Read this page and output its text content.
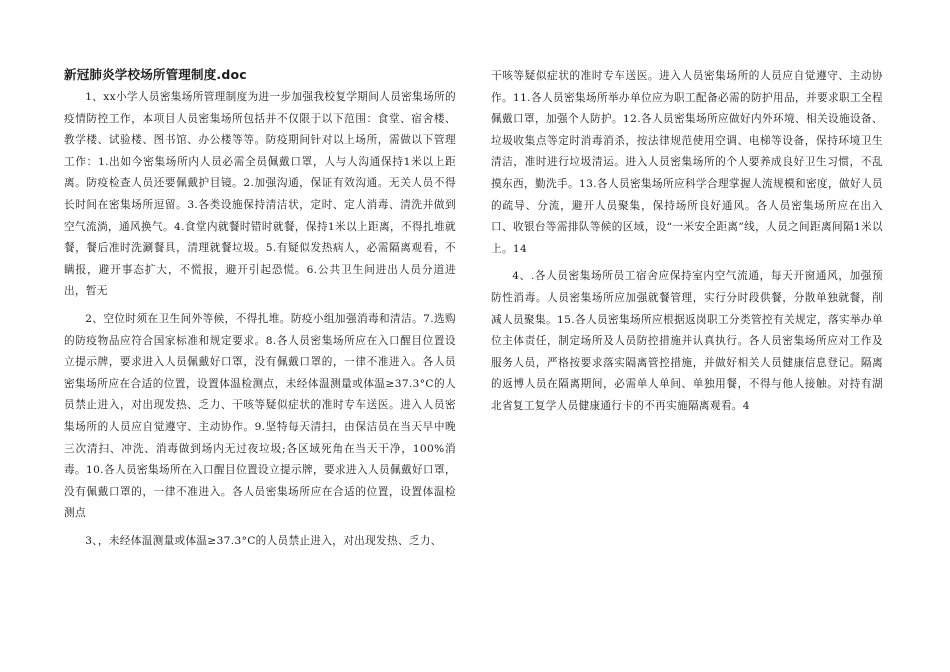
新冠肺炎学校场所管理制度.doc

1、xx小学人员密集场所管理制度为进一步加强我校复学期间人员密集场所的疫情防控工作，本项目人员密集场所包括并不仅限于以下范围：食堂、宿舍楼、教学楼、试验楼、图书馆、办公楼等等。防疫期间针对以上场所，需做以下管理工作：1.出如今密集场所内人员必需全员佩戴口罩，人与人沟通保持1米以上距离。防疫检查人员还要佩戴护目镜。2.加强沟通，保证有效沟通。无关人员不得长时间在密集场所逗留。3.各类设施保持清洁状，定时、定人消毒、清洗并做到空气流淌，通风换气。4.食堂内就餐时错时就餐，保持1米以上距离，不得扎堆就餐，餐后准时洗涮餐具，清理就餐垃圾。5.有疑似发热病人，必需隔离观看，不瞒报，避开事态扩大，不慌报，避开引起恐慌。6.公共卫生间进出人员分道进出，暂无

2、空位时须在卫生间外等候，不得扎堆。防疫小组加强消毒和清洁。7.选购的防疫物品应符合国家标准和规定要求。8.各人员密集场所应在入口醒目位置设立提示牌，要求进入人员佩戴好口罩，没有佩戴口罩的，一律不准进入。各人员密集场所应在合适的位置，设置体温检测点，未经体温测量或体温≥37.3°C的人员禁止进入，对出现发热、乏力、干咳等疑似症状的准时专车送医。进入人员密集场所的人员应自觉遵守、主动协作。9.坚特每天清扫，由保洁员在当天早中晚三次清扫、冲洗、消毒做到场内无过夜垃圾;各区域死角在当天干净，100%消毒。10.各人员密集场所在入口醒目位置设立提示牌，要求进入人员佩戴好口罩，没有佩戴口罩的，一律不准进入。各人员密集场所应在合适的位置，设置体温检测点

3、，未经体温测量或体温≥37.3°C的人员禁止进入，对出现发热、乏力、

干咳等疑似症状的准时专车送医。进入人员密集场所的人员应自觉遵守、主动协作。11.各人员密集场所举办单位应为职工配备必需的防护用品，并要求职工全程佩戴口罩，加强个人防护。12.各人员密集场所应做好内外环境、相关设施设备、垃圾收集点等定时消毒消杀，按法律规范使用空调、电梯等设备，保持环境卫生清洁，准时进行垃圾清运。进入人员密集场所的个人要养成良好卫生习惯，不乱摸东西，勤洗手。13.各人员密集场所应科学合理掌握人流规模和密度，做好人员的疏导、分流，避开人员聚集，保持场所良好通风。各人员密集场所应在出入口、收银台等需排队等候的区域，设“一米安全距离”线，人员之间距离间隔1米以上。14

4、.各人员密集场所员工宿舍应保持室内空气流通，每天开窗通风，加强预防性消毒。人员密集场所应加强就餐管理，实行分时段供餐，分散单独就餐，削减人员聚集。15.各人员密集场所应根据返岗职工分类管控有关规定，落实举办单位主体责任，制定场所及人员防控措施并认真执行。各人员密集场所应对工作及服务人员，严格按要求落实隔离管控措施，并做好相关人员健康信息登记。隔离的返博人员在隔离期间，必需单人单间、单独用餐，不得与他人接触。对持有湖北省复工复学人员健康通行卡的不再实施隔离观看。4
